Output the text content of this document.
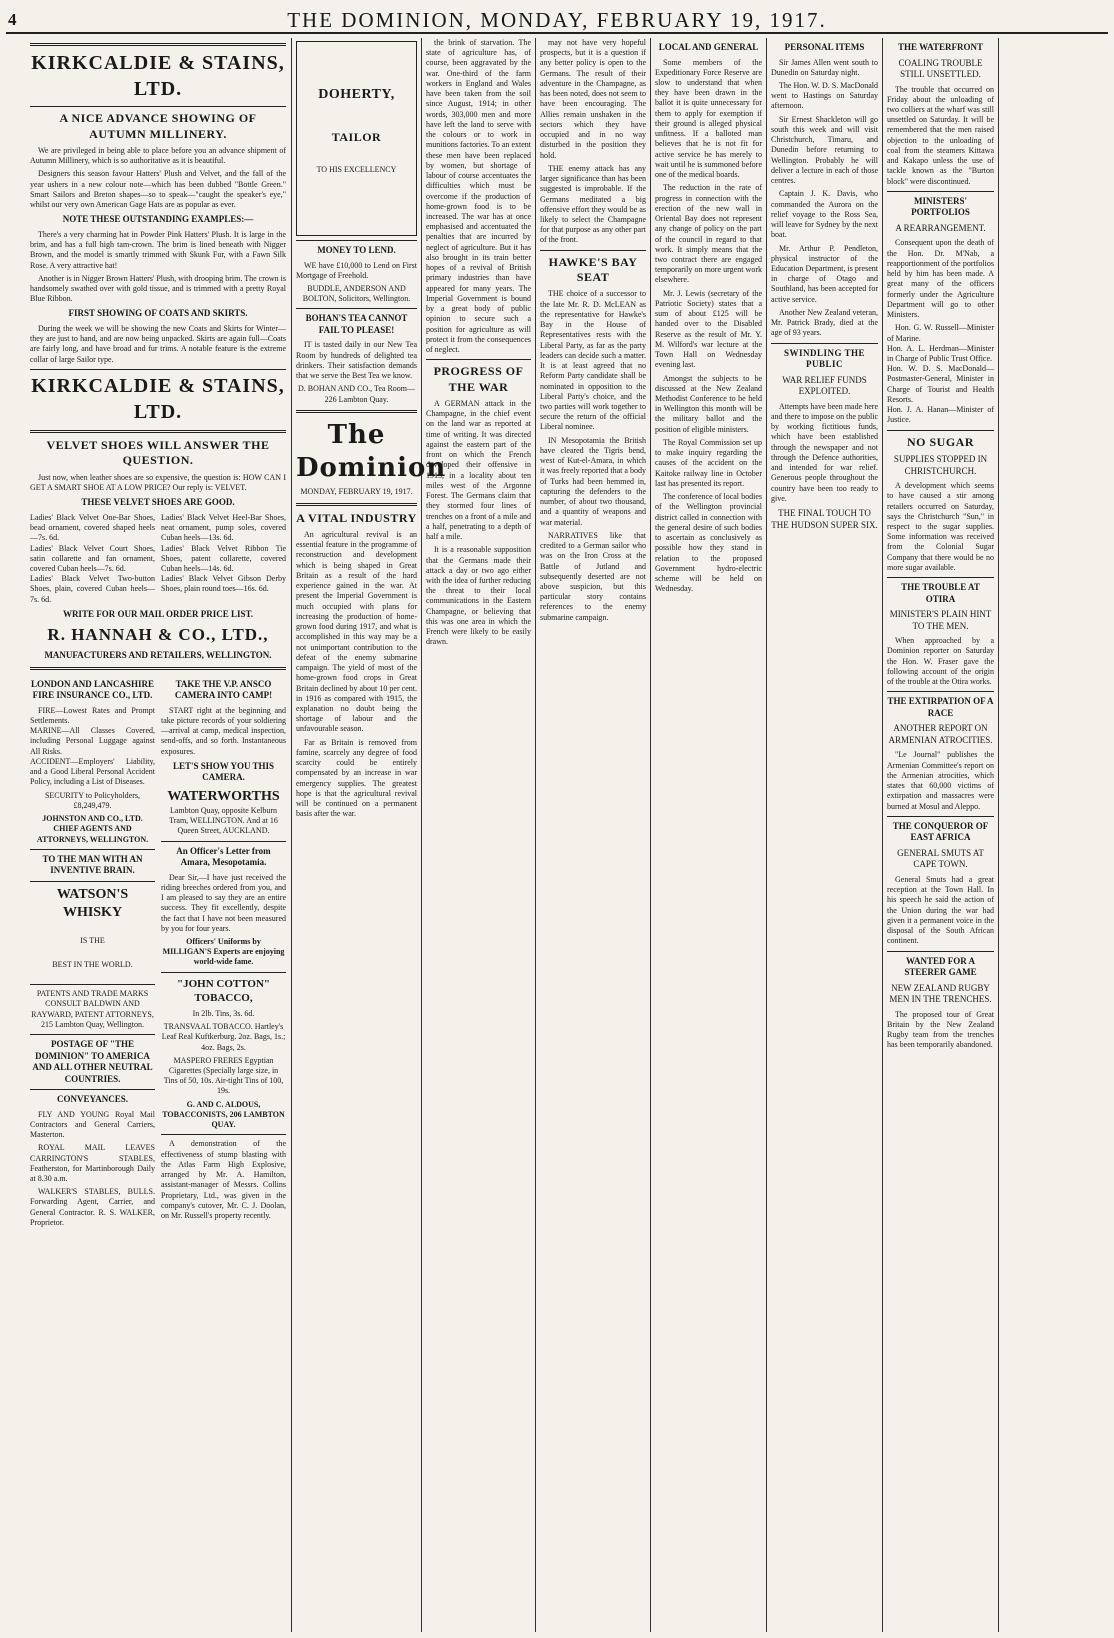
4	THE DOMINION, MONDAY, FEBRUARY 19, 1917.
KIRKCALDIE & STAINS, LTD.
A NICE ADVANCE SHOWING OF AUTUMN MILLINERY.

We are privileged in being able to place before you an advance shipment of Autumn Millinery, which is so authoritative as it is beautiful.

Designers this season favour Hatters' Plush and Velvet, and the fall of the year ushers in a new colour note—which has been dubbed "Bottle Green." Smart Sailors and Breton shapes—so to speak—"caught the speaker's eye," whilst our very own American Gage Hats are as popular as ever.

NOTE THESE OUTSTANDING EXAMPLES:—

There's a very charming hat in Powder Pink Hatters' Plush. It is large in the brim, and has a full high tam-crown. The brim is lined beneath with Nigger Brown, and the model is smartly trimmed with Skunk Fur, with a Fawn Silk Rose. A very attractive hat!

Another is in Nigger Brown Hatters' Plush, with drooping brim. The crown is handsomely swathed over with gold tissue, and is trimmed with a pretty Royal Blue Ribbon.

FIRST SHOWING OF COATS AND SKIRTS.

During the week we will be showing the new Coats and Skirts for Winter—they are just to hand, and are now being unpacked. Skirts are again full—Coats are fairly long, and have broad and fur trims. A notable feature is the extreme collar of large Sailor type.

KIRKCALDIE & STAINS, LTD.
VELVET SHOES WILL ANSWER THE QUESTION.

Just now, when leather shoes are so expensive, the question is: HOW CAN I GET A SMART SHOE AT A LOW PRICE? Our reply is: VELVET.

THESE VELVET SHOES ARE GOOD.
Ladies' Black Velvet One-Bar Shoes, bead ornament, covered shaped heels—7s. 6d.
Ladies' Black Velvet Court Shoes, satin collarette and fan ornament, covered Cuban heels—7s. 6d.
Ladies' Black Velvet Two-button Shoes, plain, covered Cuban heels—7s. 6d.
Ladies' Black Velvet Heel-Bar Shoes, neat ornament, pump soles, covered Cuban heels—13s. 6d.
Ladies' Black Velvet Ribbon Tie Shoes, patent collarette, covered Cuban heels—14s. 6d.
Ladies' Black Velvet Gibson Derby Shoes, plain round toes—16s. 6d.
WRITE FOR OUR MAIL ORDER PRICE LIST.
R. HANNAH & CO., LTD.,
MANUFACTURERS AND RETAILERS, WELLINGTON.
LONDON AND LANCASHIRE FIRE INSURANCE CO., LTD.

FIRE—Lowest Rates and Prompt Settlements.
MARINE—All Classes Covered, including Personal Luggage against All Risks.
ACCIDENT—Employers' Liability, and a Good Liberal Personal Accident Policy, including a List of Diseases.

SECURITY to Policyholders, £8,249,479.

JOHNSTON AND CO., LTD. CHIEF AGENTS AND ATTORNEYS, WELLINGTON.

TO THE MAN WITH AN INVENTIVE BRAIN.
WATSON'S WHISKY
IS THE
BEST IN THE WORLD.

PATENTS AND TRADE MARKS CONSULT BALDWIN AND RAYWARD, PATENT ATTORNEYS, 215 Lambton Quay, Wellington.

POSTAGE OF "THE DOMINION" TO AMERICA AND ALL OTHER NEUTRAL COUNTRIES.
CONVEYANCES.

FLY AND YOUNG Royal Mail Contractors and General Carriers, Masterton.

ROYAL MAIL LEAVES CARRINGTON'S STABLES, Featherston, for Martinborough Daily at 8.30 a.m.

WALKER'S STABLES, BULLS. Forwarding Agent, Carrier, and General Contractor. R. S. WALKER, Proprietor.

TAKE THE V.P. ANSCO CAMERA INTO CAMP!

START right at the beginning and take picture records of your soldiering—arrival at camp, medical inspection, send-offs, and so forth. Instantaneous exposures.

LET'S SHOW YOU THIS CAMERA.
WATERWORTHS

Lambton Quay, opposite Kelburn Tram, WELLINGTON. And at 16 Queen Street, AUCKLAND.

An Officer's Letter from Amara, Mesopotamia.

Dear Sir,—I have just received the riding breeches ordered from you, and I am pleased to say they are an entire success. They fit excellently, despite the fact that I have not been measured by you for four years.

Officers' Uniforms by MILLIGAN'S Experts are enjoying world-wide fame.

"JOHN COTTON" TOBACCO,

In 2lb. Tins, 3s. 6d.

TRANSVAAL TOBACCO. Hartley's Leaf Real Kuftkerburg. 2oz. Bags, 1s.; 4oz. Bags, 2s.

MASPERO FRERES Egyptian Cigarettes (Specially large size, in Tins of 50, 10s. Air-tight Tins of 100, 19s.

G. AND C. ALDOUS, TOBACCONISTS, 206 LAMBTON QUAY.

A demonstration of the effectiveness of stump blasting with the Atlas Farm High Explosive, arranged by Mr. A. Hamilton, assistant-manager of Messrs. Collins Proprietary, Ltd., was given in the company's cutover, Mr. C. J. Doolan, on Mr. Russell's property recently.

DOHERTY,
TAILOR
TO HIS EXCELLENCY
MONEY TO LEND.

WE have £10,000 to Lend on First Mortgage of Freehold.

BUDDLE, ANDERSON AND BOLTON, Solicitors, Wellington.

BOHAN'S TEA CANNOT FAIL TO PLEASE!

IT is tasted daily in our New Tea Room by hundreds of delighted tea drinkers. Their satisfaction demands that we serve the Best Tea we know.

D. BOHAN AND CO., Tea Room—226 Lambton Quay.

The Dominion
MONDAY, FEBRUARY 19, 1917.
A VITAL INDUSTRY

An agricultural revival is an essential feature in the programme of reconstruction and development which is being shaped in Great Britain as a result of the hard experience gained in the war. At present the Imperial Government is much occupied with plans for increasing the production of home-grown food during 1917, and what is accomplished in this way may be a not unimportant contribution to the defeat of the enemy submarine campaign. The yield of most of the home-grown food crops in Great Britain declined by about 10 per cent. in 1916 as compared with 1915, the explanation no doubt being the shortage of labour and the unfavourable season.

Far as Britain is removed from famine, scarcely any degree of food scarcity could be entirely compensated by an increase in war emergency supplies. The greatest hope is that the agricultural revival will be continued on a permanent basis after the war.

the brink of starvation. The state of agriculture has, of course, been aggravated by the war. One-third of the farm workers in England and Wales have been taken from the soil since August, 1914; in other words, 303,000 men and more have left the land to serve with the colours or to work in munitions factories. To an extent these men have been replaced by women, but shortage of labour of course accentuates the difficulties which must be overcome if the production of home-grown food is to be increased. The war has at once emphasised and accentuated the penalties that are incurred by neglect of agriculture. But it has also brought in its train better hopes of a revival of British primary industries than have appeared for many years. The Imperial Government is bound by a great body of public opinion to secure such a position for agriculture as will protect it from the consequences of neglect.

PROGRESS OF THE WAR

A GERMAN attack in the Champagne, in the chief event on the land war as reported at time of writing. It was directed against the eastern part of the front on which the French developed their offensive in 1915, in a locality about ten miles west of the Argonne Forest. The Germans claim that they stormed four lines of trenches on a front of a mile and a half, penetrating to a depth of half a mile.

It is a reasonable supposition that the Germans made their attack a day or two ago either with the idea of further reducing the threat to their local communications in the Eastern Champagne, or believing that this was one area in which the French were likely to be easily drawn.

may not have very hopeful prospects, but it is a question if any better policy is open to the Germans. The result of their adventure in the Champagne, as has been noted, does not seem to have been encouraging. The Allies remain unshaken in the sectors which they have occupied and in no way disturbed in the position they hold.

THE enemy attack has any larger significance than has been suggested is improbable. If the Germans meditated a big offensive effort they would be as likely to select the Champagne for that purpose as any other part of the front.

HAWKE'S BAY SEAT

THE choice of a successor to the late Mr. R. D. McLEAN as the representative for Hawke's Bay in the House of Representatives rests with the Liberal Party, as far as the party leaders can decide such a matter. It is at least agreed that no Reform Party candidate shall be nominated in opposition to the Liberal Party's choice, and the two parties will work together to secure the return of the official Liberal nominee.

IN Mesopotamia the British have cleared the Tigris bend, west of Kut-el-Amara, in which it was freely reported that a body of Turks had been hemmed in, capturing the defenders to the number, of about two thousand, and a quantity of weapons and war material.

NARRATIVES like that credited to a German sailor who was on the Iron Cross at the Battle of Jutland and subsequently deserted are not above suspicion, but this particular story contains references to the enemy submarine campaign.

LOCAL AND GENERAL

Some members of the Expeditionary Force Reserve are slow to understand that when they have been drawn in the ballot it is quite unnecessary for them to apply for exemption if their ground is alleged physical unfitness. If a balloted man believes that he is not fit for active service he has merely to wait until he is summoned before one of the medical boards.

The reduction in the rate of progress in connection with the erection of the new wall in Oriental Bay does not represent any change of policy on the part of the council in regard to that work. It simply means that the two contract there are engaged temporarily on more urgent work elsewhere.

Mr. J. Lewis (secretary of the Patriotic Society) states that a sum of about £125 will be handed over to the Disabled Reserve as the result of Mr. Y. M. Wilford's war lecture at the Town Hall on Wednesday evening last.

Amongst the subjects to be discussed at the New Zealand Methodist Conference to be held in Wellington this month will be the military ballot and the position of eligible ministers.

The Royal Commission set up to make inquiry regarding the causes of the accident on the Kaitoke railway line in October last has presented its report.

The conference of local bodies of the Wellington provincial district called in connection with the general desire of such bodies to ascertain as conclusively as possible how they stand in relation to the proposed Government hydro-electric scheme will be held on Wednesday.

PERSONAL ITEMS

Sir James Allen went south to Dunedin on Saturday night.

The Hon. W. D. S. MacDonald went to Hastings on Saturday afternoon.

Sir Ernest Shackleton will go south this week and will visit Christchurch, Timaru, and Dunedin before returning to Wellington. Probably he will deliver a lecture in each of those centres.

Captain J. K. Davis, who commanded the Aurora on the relief voyage to the Ross Sea, will leave for Sydney by the next boat.

Mr. Arthur P. Pendleton, physical instructor of the Education Department, is present in charge of Otago and Southland, has been accepted for active service.

Another New Zealand veteran, Mr. Patrick Brady, died at the age of 93 years.

SWINDLING THE PUBLIC
WAR RELIEF FUNDS EXPLOITED.

Attempts have been made here and there to impose on the public by working fictitious funds, which have been established through the newspaper and not through the Defence authorities, and intended for war relief. Generous people throughout the country have been too ready to give.

THE FINAL TOUCH TO THE HUDSON SUPER SIX.
THE WATERFRONT
COALING TROUBLE STILL UNSETTLED.

The trouble that occurred on Friday about the unloading of two colliers at the wharf was still unsettled on Saturday. It will be remembered that the men raised objection to the unloading of coal from the steamers Kittawa and Kakapo unless the use of tackle known as the "Burton block" were discontinued.

MINISTERS' PORTFOLIOS
A REARRANGEMENT.

Consequent upon the death of the Hon. Dr. M'Nab, a reapportionment of the portfolios held by him has been made. A great many of the officers formerly under the Agriculture Department will go to other Ministers.

Hon. G. W. Russell—Minister of Marine.
Hon. A. L. Herdman—Minister in Charge of Public Trust Office.
Hon. W. D. S. MacDonald—Postmaster-General, Minister in Charge of Tourist and Health Resorts.
Hon. J. A. Hanan—Minister of Justice.

NO SUGAR
SUPPLIES STOPPED IN CHRISTCHURCH.

A development which seems to have caused a stir among retailers occurred on Saturday, says the Christchurch "Sun," in respect to the sugar supplies. Some information was received from the Colonial Sugar Company that there would be no more sugar available.

THE TROUBLE AT OTIRA
MINISTER'S PLAIN HINT TO THE MEN.

When approached by a Dominion reporter on Saturday the Hon. W. Fraser gave the following account of the origin of the trouble at the Otira works.

THE EXTIRPATION OF A RACE
ANOTHER REPORT ON ARMENIAN ATROCITIES.

"Le Journal" publishes the Armenian Committee's report on the Armenian atrocities, which states that 60,000 victims of extirpation and massacres were burned at Mosul and Aleppo.

THE CONQUEROR OF EAST AFRICA
GENERAL SMUTS AT CAPE TOWN.

General Smuts had a great reception at the Town Hall. In his speech he said the action of the Union during the war had given it a permanent voice in the disposal of the South African continent.

WANTED FOR A STEERER GAME
NEW ZEALAND RUGBY MEN IN THE TRENCHES.

The proposed tour of Great Britain by the New Zealand Rugby team from the trenches has been temporarily abandoned.
